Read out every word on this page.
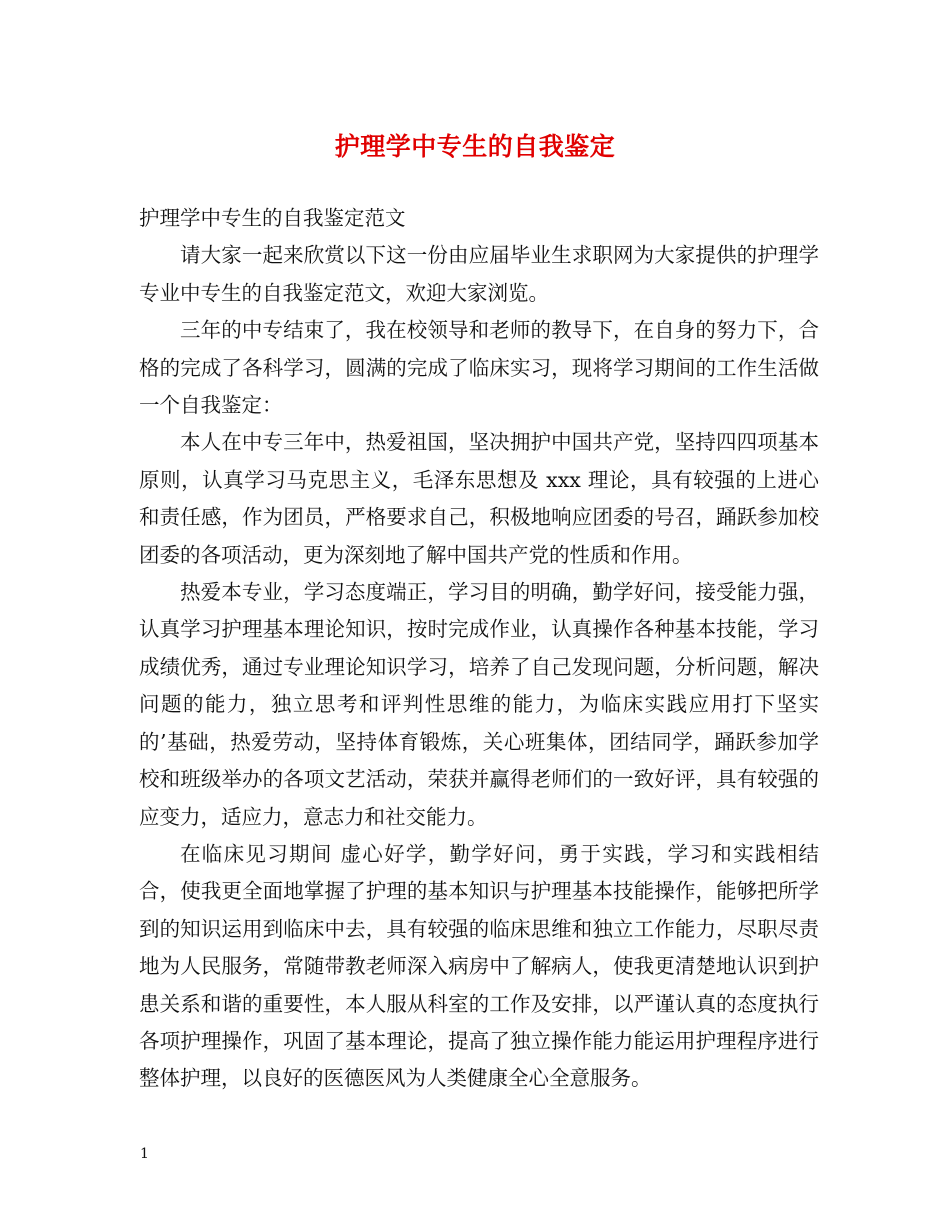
护理学中专生的自我鉴定

护理学中专生的自我鉴定范文

请大家一起来欣赏以下这一份由应届毕业生求职网为大家提供的护理学专业中专生的自我鉴定范文，欢迎大家浏览。

三年的中专结束了，我在校领导和老师的教导下，在自身的努力下，合格的完成了各科学习，圆满的完成了临床实习，现将学习期间的工作生活做一个自我鉴定：

本人在中专三年中，热爱祖国，坚决拥护中国共产党，坚持四四项基本原则，认真学习马克思主义，毛泽东思想及 xxx 理论，具有较强的上进心和责任感，作为团员，严格要求自己，积极地响应团委的号召，踊跃参加校团委的各项活动，更为深刻地了解中国共产党的性质和作用。

热爱本专业，学习态度端正，学习目的明确，勤学好问，接受能力强，认真学习护理基本理论知识，按时完成作业，认真操作各种基本技能，学习成绩优秀，通过专业理论知识学习，培养了自己发现问题，分析问题，解决问题的能力，独立思考和评判性思维的能力，为临床实践应用打下坚实的’基础，热爱劳动，坚持体育锻炼，关心班集体，团结同学，踊跃参加学校和班级举办的各项文艺活动，荣获并赢得老师们的一致好评，具有较强的应变力，适应力，意志力和社交能力。

在临床见习期间 虚心好学，勤学好问，勇于实践，学习和实践相结合，使我更全面地掌握了护理的基本知识与护理基本技能操作，能够把所学到的知识运用到临床中去，具有较强的临床思维和独立工作能力，尽职尽责地为人民服务，常随带教老师深入病房中了解病人，使我更清楚地认识到护患关系和谐的重要性，本人服从科室的工作及安排，以严谨认真的态度执行各项护理操作，巩固了基本理论，提高了独立操作能力能运用护理程序进行整体护理，以良好的医德医风为人类健康全心全意服务。

1
